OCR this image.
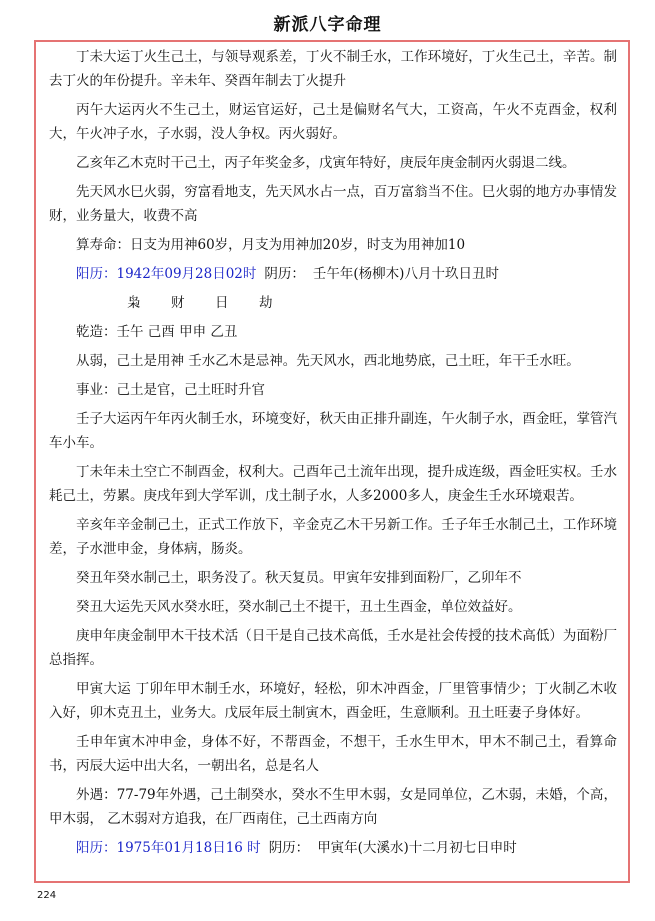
新派八字命理

丁未大运丁火生己土，与领导观系差，丁火不制壬水，工作环境好，丁火生己土，辛苦。制去丁火的年份提升。辛未年、癸酉年制去丁火提升

丙午大运丙火不生己土，财运官运好，己土是偏财名气大，工资高，午火不克酉金，权利大，午火冲子水，子水弱，没人争权。丙火弱好。

乙亥年乙木克时干己土，丙子年奖金多，戊寅年特好，庚辰年庚金制丙火弱退二线。

先天风水巳火弱，穷富看地支，先天风水占一点，百万富翁当不住。巳火弱的地方办事情发财，业务量大，收费不高

算寿命：日支为用神60岁，月支为用神加20岁，时支为用神加10

阳历：1942年09月28日02时 阴历： 壬午年(杨柳木)八月十玖日丑时
枭 财 日 劫

乾造：壬午 己酉 甲申 乙丑

从弱，己土是用神 壬水乙木是忌神。先天风水，西北地势底，己土旺，年干壬水旺。

事业：己土是官，己土旺时升官

壬子大运丙午年丙火制壬水，环境变好，秋天由正排升副连，午火制子水，酉金旺，掌管汽车小车。

丁未年未土空亡不制酉金，权利大。己酉年己土流年出现，提升成连级，酉金旺实权。壬水耗己土，劳累。庚戌年到大学军训，戊土制子水，人多2000多人，庚金生壬水环境艰苦。

辛亥年辛金制己土，正式工作放下，辛金克乙木干另新工作。壬子年壬水制己土，工作环境差，子水泄申金，身体病，肠炎。

癸丑年癸水制己土，职务没了。秋天复员。甲寅年安排到面粉厂，乙卯年不

癸丑大运先天风水癸水旺，癸水制己土不提干，丑土生酉金，单位效益好。

庚申年庚金制甲木干技术活（日干是自己技术高低，壬水是社会传授的技术高低）为面粉厂总指挥。

甲寅大运 丁卯年甲木制壬水，环境好，轻松，卯木冲酉金，厂里管事情少；丁火制乙木收入好，卯木克丑土，业务大。戊辰年辰土制寅木，酉金旺，生意顺利。丑土旺妻子身体好。

壬申年寅木冲申金，身体不好，不帮酉金，不想干，壬水生甲木，甲木不制己土，看算命书，丙辰大运中出大名，一朝出名，总是名人

外遇：77-79年外遇，己土制癸水，癸水不生甲木弱，女是同单位，乙木弱，未婚，个高，甲木弱， 乙木弱对方追我，在厂西南住，己土西南方向

阳历：1975年01月18日16 时 阴历： 甲寅年(大溪水)十二月初七日申时
224
